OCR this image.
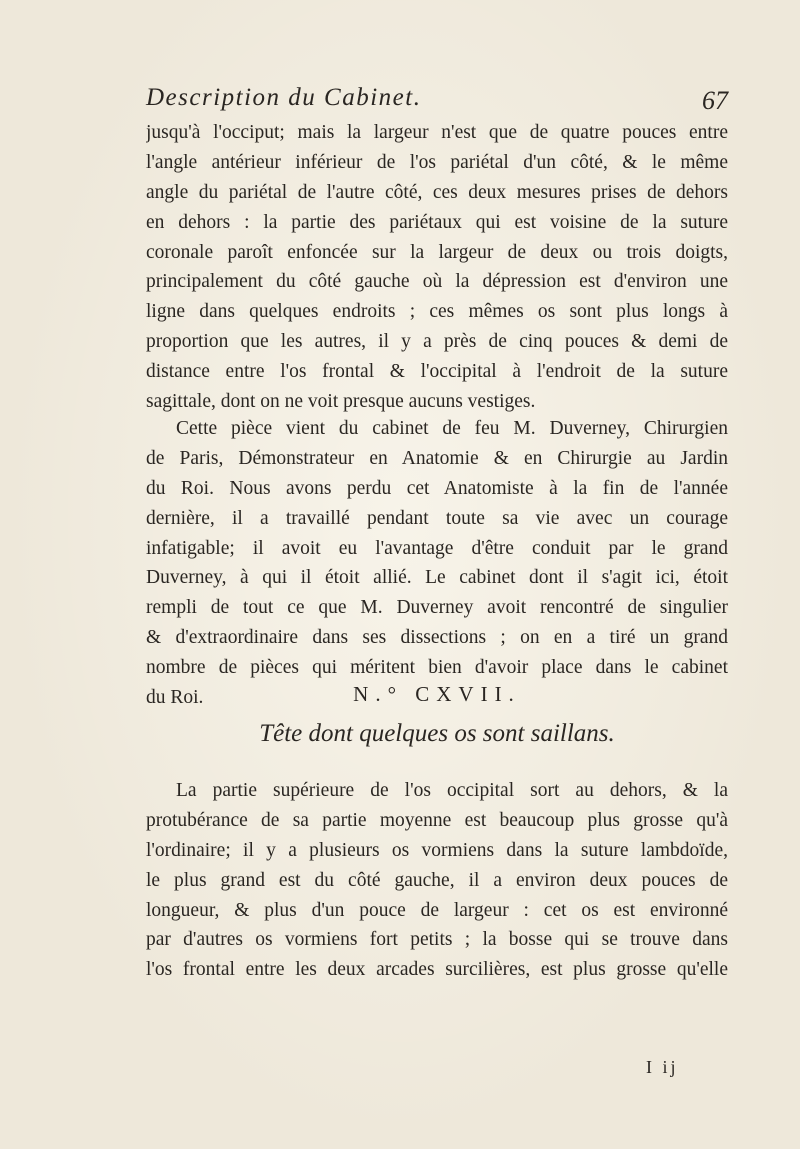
Description du Cabinet.	67
jusqu'à l'occiput; mais la largeur n'est que de quatre pouces entre
l'angle antérieur inférieur de l'os pariétal d'un côté, & le même
angle du pariétal de l'autre côté, ces deux mesures prises de dehors
en dehors : la partie des pariétaux qui est voisine de la suture
coronale paroît enfoncée sur la largeur de deux ou trois doigts,
principalement du côté gauche où la dépression est d'environ une
ligne dans quelques endroits ; ces mêmes os sont plus longs à
proportion que les autres, il y a près de cinq pouces & demi de
distance entre l'os frontal & l'occipital à l'endroit de la suture
sagittale, dont on ne voit presque aucuns vestiges.
Cette pièce vient du cabinet de feu M. Duverney, Chirurgien
de Paris, Démonstrateur en Anatomie & en Chirurgie au Jardin
du Roi. Nous avons perdu cet Anatomiste à la fin de l'année
dernière, il a travaillé pendant toute sa vie avec un courage
infatigable; il avoit eu l'avantage d'être conduit par le grand
Duverney, à qui il étoit allié. Le cabinet dont il s'agit ici, étoit
rempli de tout ce que M. Duverney avoit rencontré de singulier
& d'extraordinaire dans ses dissections ; on en a tiré un grand
nombre de pièces qui méritent bien d'avoir place dans le cabinet
du Roi.	N.° CXVII.
Tête dont quelques os sont saillans.
La partie supérieure de l'os occipital sort au dehors, & la
protubérance de sa partie moyenne est beaucoup plus grosse qu'à
l'ordinaire; il y a plusieurs os vormiens dans la suture lambdoïde,
le plus grand est du côté gauche, il a environ deux pouces de
longueur, & plus d'un pouce de largeur : cet os est environné
par d'autres os vormiens fort petits ; la bosse qui se trouve dans
l'os frontal entre les deux arcades surcilières, est plus grosse qu'elle
I ij
